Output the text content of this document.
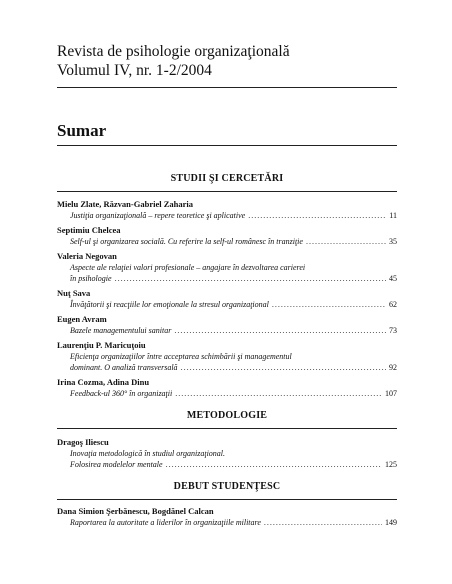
Revista de psihologie organizaţională

Volumul IV, nr. 1-2/2004

Sumar

STUDII ŞI CERCETĂRI

Mielu Zlate, Răzvan-Gabriel Zaharia

Justiţia organizaţională – repere teoretice şi aplicative .....	11

Septimiu Chelcea

Self-ul şi organizarea socială. Cu referire la self-ul românesc în tranziţie .....	35

Valeria Negovan

Aspecte ale relaţiei valori profesionale – angajare în dezvoltarea carierei

în psihologie .....	45

Nuţ Sava

Învăţătorii şi reacţiile lor emoţionale la stresul organizaţional .....	62

Eugen Avram

Bazele managementului sanitar .....	73

Laurenţiu P. Maricuţoiu

Eficienţa organizaţiilor între acceptarea schimbării şi managementul

dominant. O analiză transversală .....	92

Irina Cozma, Adina Dinu

Feedback-ul 360° în organizaţii .....	107

METODOLOGIE

Dragoş Iliescu

Inovaţia metodologică în studiul organizaţional.

Folosirea modelelor mentale .....	125

DEBUT STUDENŢESC

Dana Simion Şerbănescu, Bogdănel Calcan

Raportarea la autoritate a liderilor în organizaţiile militare .....	149
